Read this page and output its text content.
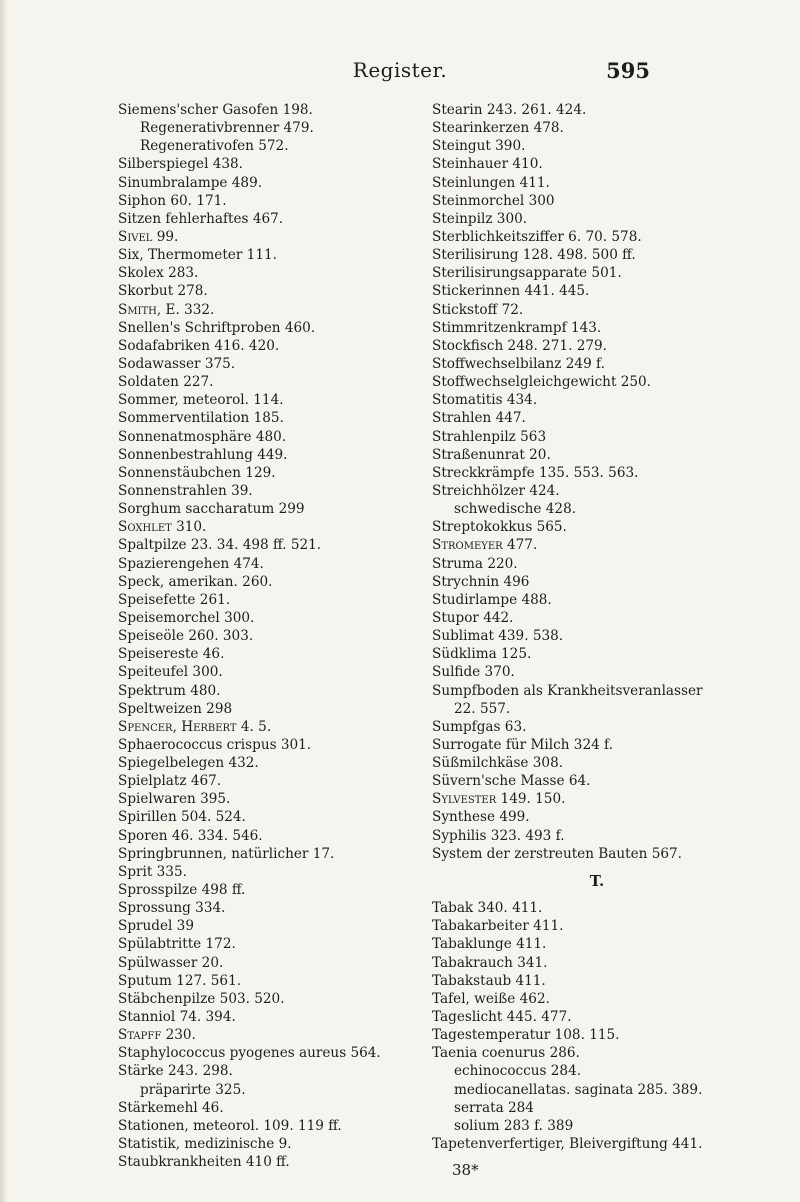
Register.	595
Siemens'scher Gasofen 198.
Regenerativbrenner 479.
Regenerativofen 572.
Silberspiegel 438.
Sinumbralampe 489.
Siphon 60. 171.
Sitzen fehlerhaftes 467.
Sivel 99.
Six, Thermometer 111.
Skolex 283.
Skorbut 278.
Smith, E. 332.
Snellen's Schriftproben 460.
Sodafabriken 416. 420.
Sodawasser 375.
Soldaten 227.
Sommer, meteorol. 114.
Sommerventilation 185.
Sonnenatmosphäre 480.
Sonnenbestrahlung 449.
Sonnenstäubchen 129.
Sonnenstrahlen 39.
Sorghum saccharatum 299
Soxhlet 310.
Spaltpilze 23. 34. 498 ff. 521.
Spazierengehen 474.
Speck, amerikan. 260.
Speisefette 261.
Speisemorchel 300.
Speiseöle 260. 303.
Speisereste 46.
Speiteufel 300.
Spektrum 480.
Speltweizen 298
Spencer, Herbert 4. 5.
Sphaerococcus crispus 301.
Spiegelbelegen 432.
Spielplatz 467.
Spielwaren 395.
Spirillen 504. 524.
Sporen 46. 334. 546.
Springbrunnen, natürlicher 17.
Sprit 335.
Sprosspilze 498 ff.
Sprossung 334.
Sprudel 39
Spülabtritte 172.
Spülwasser 20.
Sputum 127. 561.
Stäbchenpilze 503. 520.
Stanniol 74. 394.
Stapff 230.
Staphylococcus pyogenes aureus 564.
Stärke 243. 298.
präparirte 325.
Stärkemehl 46.
Stationen, meteorol. 109. 119 ff.
Statistik, medizinische 9.
Staubkrankheiten 410 ff.
Stearin 243. 261. 424.
Stearinkerzen 478.
Steingut 390.
Steinhauer 410.
Steinlungen 411.
Steinmorchel 300
Steinpilz 300.
Sterblichkeitsziffer 6. 70. 578.
Sterilisirung 128. 498. 500 ff.
Sterilisirungsapparate 501.
Stickerinnen 441. 445.
Stickstoff 72.
Stimmritzenkrampf 143.
Stockfisch 248. 271. 279.
Stoffwechselbilanz 249 f.
Stoffwechselgleichgewicht 250.
Stomatitis 434.
Strahlen 447.
Strahlenpilz 563
Straßenunrat 20.
Streckkrämpfe 135. 553. 563.
Streichhölzer 424.
schwedische 428.
Streptokokkus 565.
Stromeyer 477.
Struma 220.
Strychnin 496
Studirlampe 488.
Stupor 442.
Sublimat 439. 538.
Südklima 125.
Sulfide 370.
Sumpfboden als Krankheitsveranlasser
22. 557.
Sumpfgas 63.
Surrogate für Milch 324 f.
Süßmilchkäse 308.
Süvern'sche Masse 64.
Sylvester 149. 150.
Synthese 499.
Syphilis 323. 493 f.
System der zerstreuten Bauten 567.
T.
Tabak 340. 411.
Tabakarbeiter 411.
Tabaklunge 411.
Tabakrauch 341.
Tabakstaub 411.
Tafel, weiße 462.
Tageslicht 445. 477.
Tagestemperatur 108. 115.
Taenia coenurus 286.
echinococcus 284.
mediocanellatas. saginata 285. 389.
serrata 284
solium 283 f. 389
Tapetenverfertiger, Bleivergiftung 441.
38*
